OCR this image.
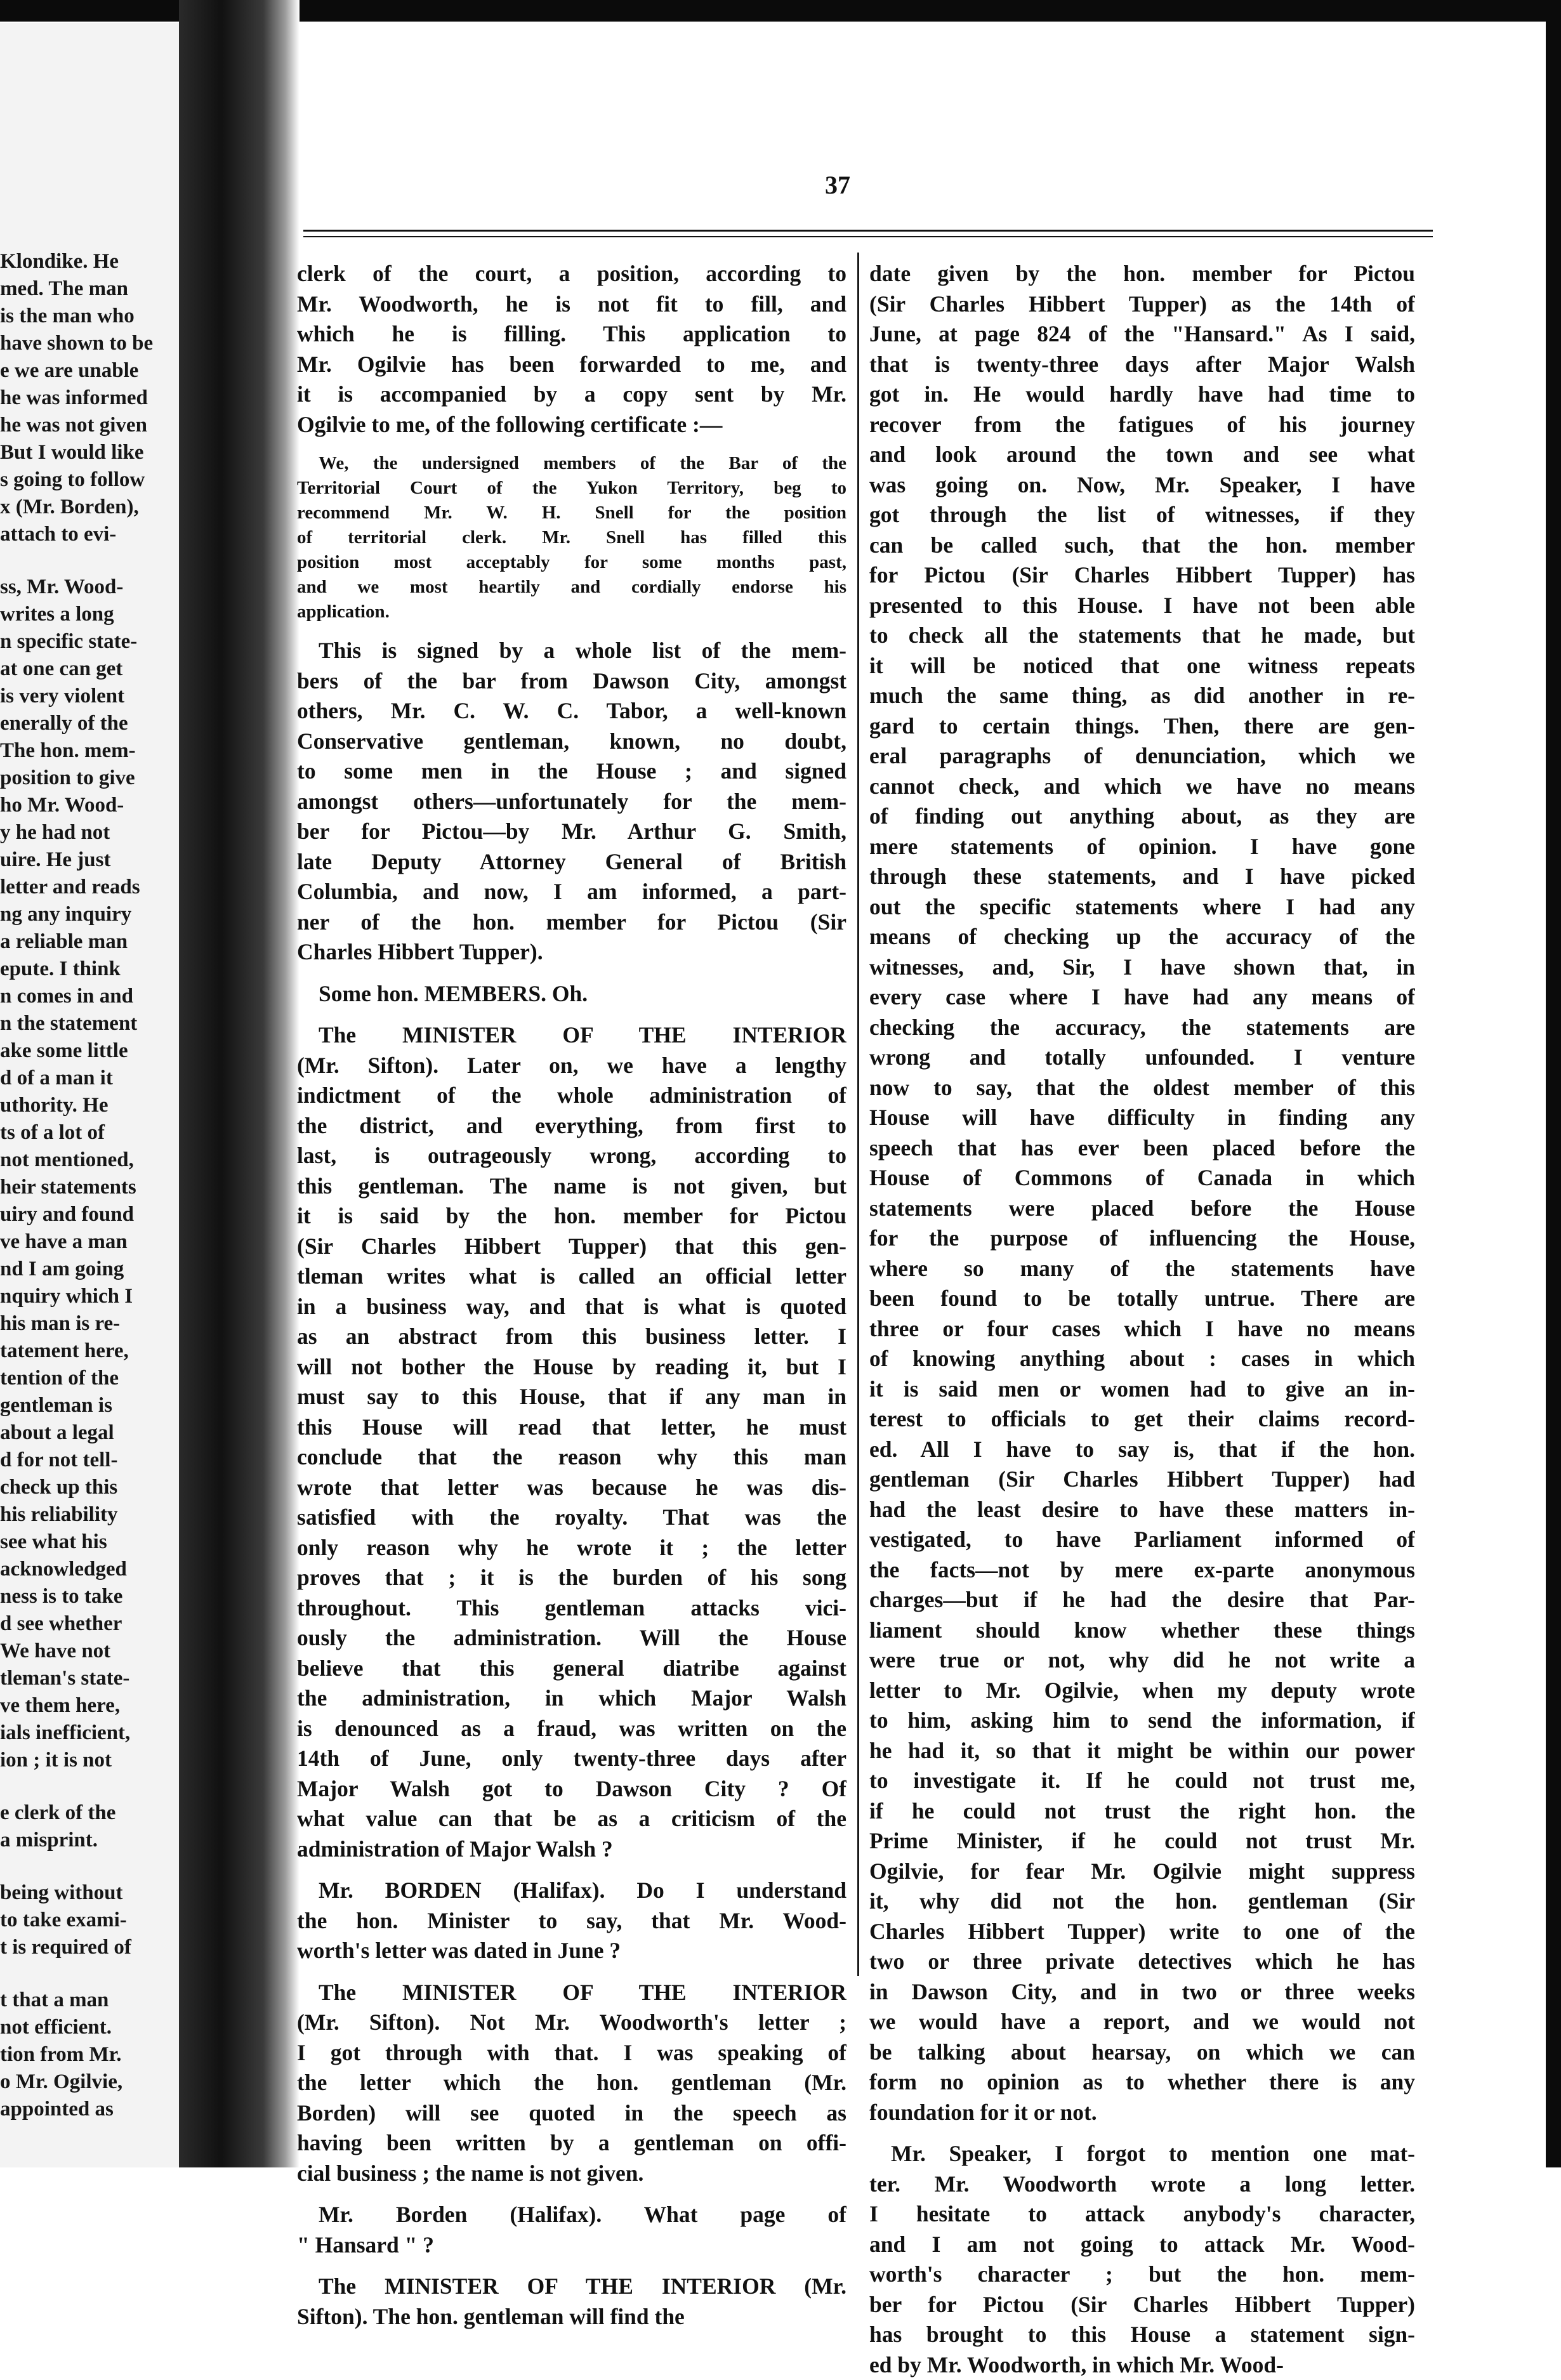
Klondike. He
med. The man
is the man who
have shown to be
e we are unable
he was informed
he was not given
But I would like
s going to follow
x (Mr. Borden),
attach to evi-
ss, Mr. Wood-
writes a long
n specific state-
at one can get
is very violent
enerally of the
The hon. mem-
position to give
ho Mr. Wood-
y he had not
uire. He just
letter and reads
ng any inquiry
a reliable man
epute. I think
n comes in and
n the statement
ake some little
d of a man it
uthority. He
ts of a lot of
not mentioned,
heir statements
uiry and found
ve have a man
nd I am going
nquiry which I
his man is re-
tatement here,
tention of the
gentleman is
about a legal
d for not tell-
check up this
his reliability
see what his
acknowledged
ness is to take
d see whether
We have not
tleman's state-
ve them here,
ials inefficient,
ion ; it is not
e clerk of the
a misprint.
being without
to take exami-
t is required of
t that a man
not efficient.
tion from Mr.
o Mr. Ogilvie,
appointed as
37
clerk of the court, a position, according to
Mr. Woodworth, he is not fit to fill, and
which he is filling. This application to
Mr. Ogilvie has been forwarded to me, and
it is accompanied by a copy sent by Mr.
Ogilvie to me, of the following certificate :—
We, the undersigned members of the Bar of the
Territorial Court of the Yukon Territory, beg to
recommend Mr. W. H. Snell for the position
of territorial clerk. Mr. Snell has filled this
position most acceptably for some months past,
and we most heartily and cordially endorse his
application.
This is signed by a whole list of the mem-
bers of the bar from Dawson City, amongst
others, Mr. C. W. C. Tabor, a well-known
Conservative gentleman, known, no doubt,
to some men in the House ; and signed
amongst others—unfortunately for the mem-
ber for Pictou—by Mr. Arthur G. Smith,
late Deputy Attorney General of British
Columbia, and now, I am informed, a part-
ner of the hon. member for Pictou (Sir
Charles Hibbert Tupper).
Some hon. MEMBERS. Oh.
The MINISTER OF THE INTERIOR
(Mr. Sifton). Later on, we have a lengthy
indictment of the whole administration of
the district, and everything, from first to
last, is outrageously wrong, according to
this gentleman. The name is not given, but
it is said by the hon. member for Pictou
(Sir Charles Hibbert Tupper) that this gen-
tleman writes what is called an official letter
in a business way, and that is what is quoted
as an abstract from this business letter. I
will not bother the House by reading it, but I
must say to this House, that if any man in
this House will read that letter, he must
conclude that the reason why this man
wrote that letter was because he was dis-
satisfied with the royalty. That was the
only reason why he wrote it ; the letter
proves that ; it is the burden of his song
throughout. This gentleman attacks vici-
ously the administration. Will the House
believe that this general diatribe against
the administration, in which Major Walsh
is denounced as a fraud, was written on the
14th of June, only twenty-three days after
Major Walsh got to Dawson City ? Of
what value can that be as a criticism of the
administration of Major Walsh ?
Mr. BORDEN (Halifax). Do I understand
the hon. Minister to say, that Mr. Wood-
worth's letter was dated in June ?
The MINISTER OF THE INTERIOR
(Mr. Sifton). Not Mr. Woodworth's letter ;
I got through with that. I was speaking of
the letter which the hon. gentleman (Mr.
Borden) will see quoted in the speech as
having been written by a gentleman on offi-
cial business ; the name is not given.
Mr. Borden (Halifax). What page of
" Hansard " ?
The MINISTER OF THE INTERIOR (Mr.
Sifton). The hon. gentleman will find the
date given by the hon. member for Pictou
(Sir Charles Hibbert Tupper) as the 14th of
June, at page 824 of the "Hansard." As I said,
that is twenty-three days after Major Walsh
got in. He would hardly have had time to
recover from the fatigues of his journey
and look around the town and see what
was going on. Now, Mr. Speaker, I have
got through the list of witnesses, if they
can be called such, that the hon. member
for Pictou (Sir Charles Hibbert Tupper) has
presented to this House. I have not been able
to check all the statements that he made, but
it will be noticed that one witness repeats
much the same thing, as did another in re-
gard to certain things. Then, there are gen-
eral paragraphs of denunciation, which we
cannot check, and which we have no means
of finding out anything about, as they are
mere statements of opinion. I have gone
through these statements, and I have picked
out the specific statements where I had any
means of checking up the accuracy of the
witnesses, and, Sir, I have shown that, in
every case where I have had any means of
checking the accuracy, the statements are
wrong and totally unfounded. I venture
now to say, that the oldest member of this
House will have difficulty in finding any
speech that has ever been placed before the
House of Commons of Canada in which
statements were placed before the House
for the purpose of influencing the House,
where so many of the statements have
been found to be totally untrue. There are
three or four cases which I have no means
of knowing anything about : cases in which
it is said men or women had to give an in-
terest to officials to get their claims record-
ed. All I have to say is, that if the hon.
gentleman (Sir Charles Hibbert Tupper) had
had the least desire to have these matters in-
vestigated, to have Parliament informed of
the facts—not by mere ex-parte anonymous
charges—but if he had the desire that Par-
liament should know whether these things
were true or not, why did he not write a
letter to Mr. Ogilvie, when my deputy wrote
to him, asking him to send the information, if
he had it, so that it might be within our power
to investigate it. If he could not trust me,
if he could not trust the right hon. the
Prime Minister, if he could not trust Mr.
Ogilvie, for fear Mr. Ogilvie might suppress
it, why did not the hon. gentleman (Sir
Charles Hibbert Tupper) write to one of the
two or three private detectives which he has
in Dawson City, and in two or three weeks
we would have a report, and we would not
be talking about hearsay, on which we can
form no opinion as to whether there is any
foundation for it or not.
Mr. Speaker, I forgot to mention one mat-
ter. Mr. Woodworth wrote a long letter.
I hesitate to attack anybody's character,
and I am not going to attack Mr. Wood-
worth's character ; but the hon. mem-
ber for Pictou (Sir Charles Hibbert Tupper)
has brought to this House a statement sign-
ed by Mr. Woodworth, in which Mr. Wood-
